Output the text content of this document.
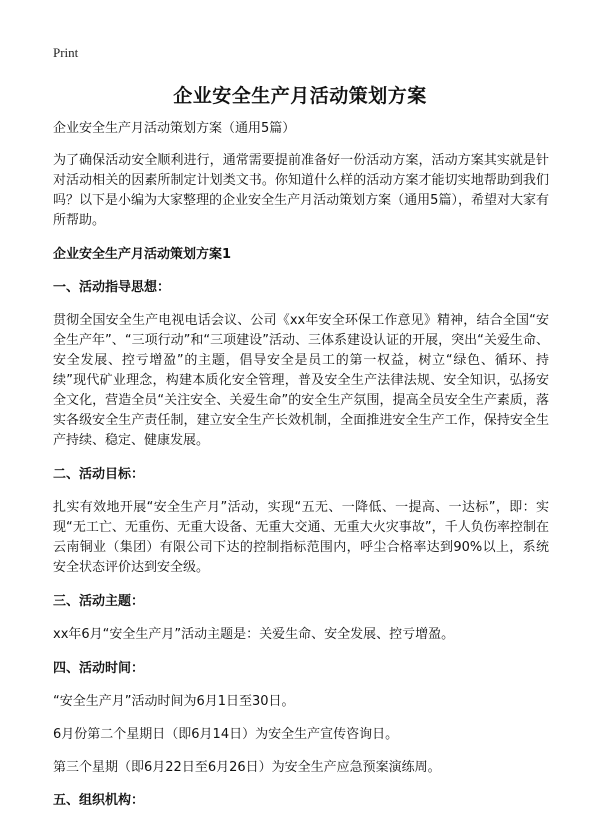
Print
企业安全生产月活动策划方案

企业安全生产月活动策划方案（通用5篇）

为了确保活动安全顺利进行，通常需要提前准备好一份活动方案，活动方案其实就是针对活动相关的因素所制定计划类文书。你知道什么样的活动方案才能切实地帮助到我们吗？以下是小编为大家整理的企业安全生产月活动策划方案（通用5篇），希望对大家有所帮助。

企业安全生产月活动策划方案1

一、活动指导思想：

贯彻全国安全生产电视电话会议、公司《xx年安全环保工作意见》精神，结合全国“安全生产年”、“三项行动”和“三项建设”活动、三体系建设认证的开展，突出“关爱生命、安全发展、控亏增盈”的主题，倡导安全是员工的第一权益，树立“绿色、循环、持续”现代矿业理念，构建本质化安全管理，普及安全生产法律法规、安全知识，弘扬安全文化，营造全员“关注安全、关爱生命”的安全生产氛围，提高全员安全生产素质，落实各级安全生产责任制，建立安全生产长效机制，全面推进安全生产工作，保持安全生产持续、稳定、健康发展。

二、活动目标：

扎实有效地开展“安全生产月”活动，实现“五无、一降低、一提高、一达标”，即：实现“无工亡、无重伤、无重大设备、无重大交通、无重大火灾事故”，千人负伤率控制在云南铜业（集团）有限公司下达的控制指标范围内，呼尘合格率达到90%以上，系统安全状态评价达到安全级。

三、活动主题：

xx年6月“安全生产月”活动主题是：关爱生命、安全发展、控亏增盈。

四、活动时间：

“安全生产月”活动时间为6月1日至30日。

6月份第二个星期日（即6月14日）为安全生产宣传咨询日。

第三个星期（即6月22日至6月26日）为安全生产应急预案演练周。

五、组织机构：
